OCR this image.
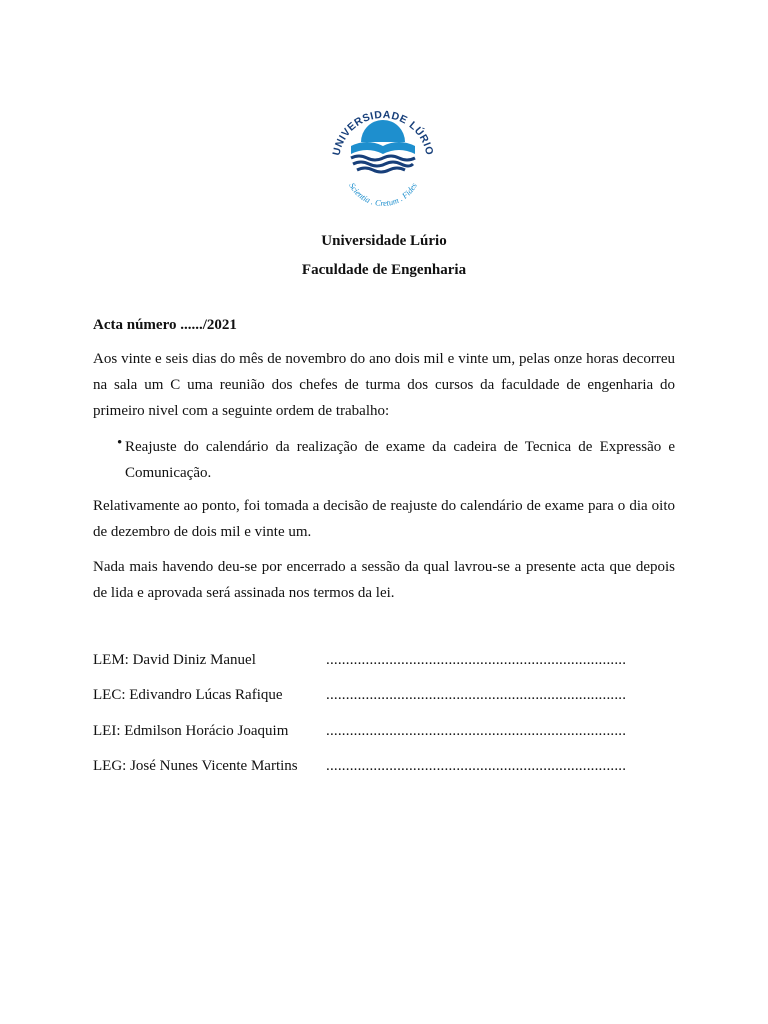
UNIVERSIDADE LÚRIO
Scientia . Cretum . Fides
Universidade Lúrio
Faculdade de Engenharia
Acta número ....../2021
Aos vinte e seis dias do mês de novembro do ano dois mil e vinte um, pelas onze horas decorreu na sala um C uma reunião dos chefes de turma dos cursos da faculdade de engenharia do primeiro nivel com a seguinte ordem de trabalho:
• Reajuste do calendário da realização de exame da cadeira de Tecnica de Expressão e Comunicação.
Relativamente ao ponto, foi tomada a decisão de reajuste do calendário de exame para o dia oito de dezembro de dois mil e vinte um.
Nada mais havendo deu-se por encerrado a sessão da qual lavrou-se a presente acta que depois de lida e aprovada será assinada nos termos da lei.
LEM: David Diniz Manuel	............................................................................
LEC: Edivandro Lúcas Rafique	............................................................................
LEI: Edmilson Horácio Joaquim	............................................................................
LEG: José Nunes Vicente Martins ............................................................................
